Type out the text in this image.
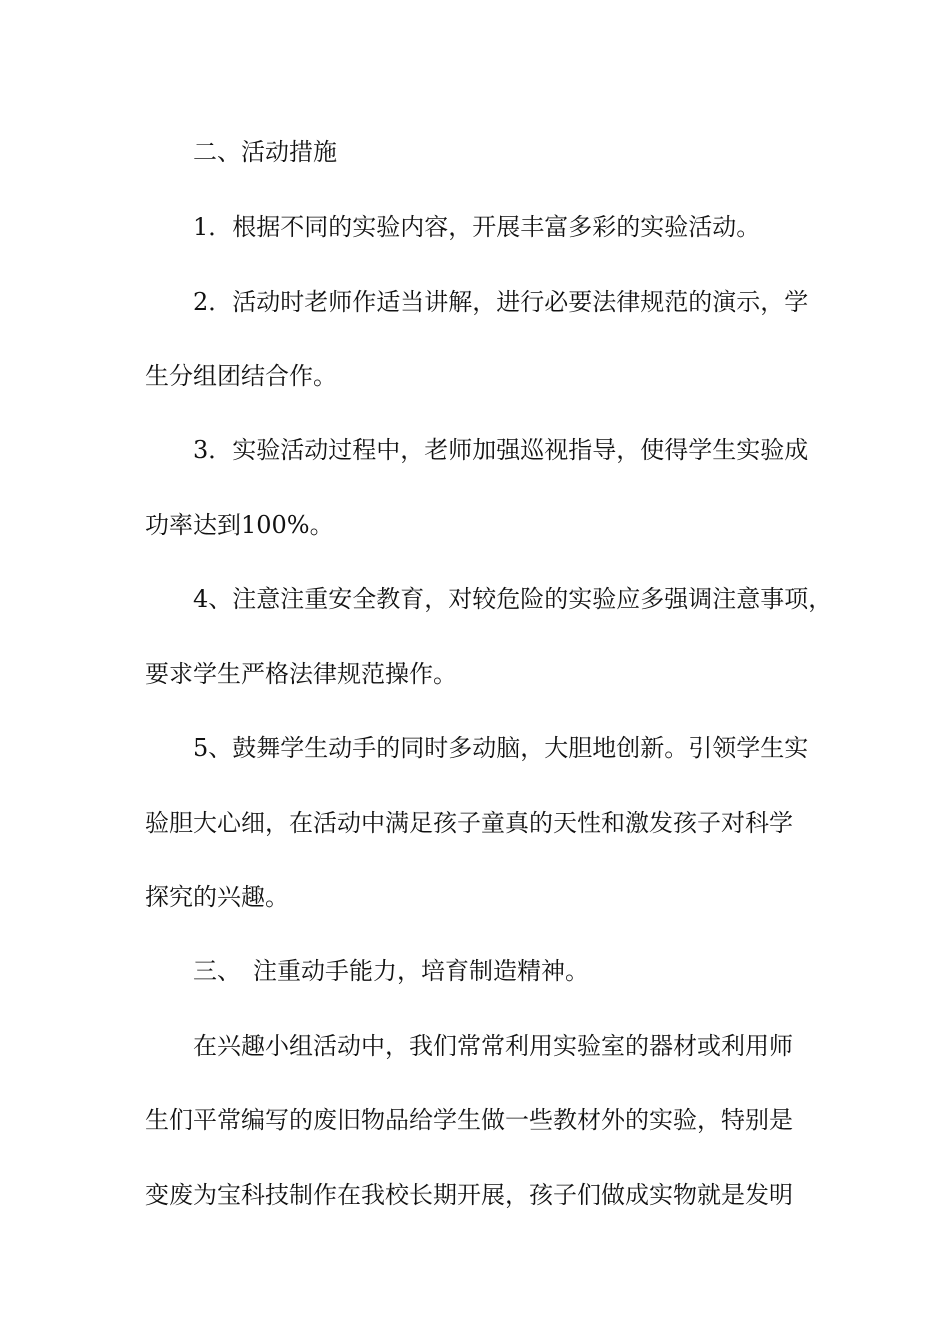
二、活动措施
1．根据不同的实验内容，开展丰富多彩的实验活动。
2．活动时老师作适当讲解，进行必要法律规范的演示，学
生分组团结合作。
3．实验活动过程中，老师加强巡视指导，使得学生实验成
功率达到100%。
4、注意注重安全教育，对较危险的实验应多强调注意事项，
要求学生严格法律规范操作。
5、鼓舞学生动手的同时多动脑，大胆地创新。引领学生实
验胆大心细，在活动中满足孩子童真的天性和激发孩子对科学
探究的兴趣。
三、　注重动手能力，培育制造精神。
在兴趣小组活动中，我们常常利用实验室的器材或利用师
生们平常编写的废旧物品给学生做一些教材外的实验，特别是
变废为宝科技制作在我校长期开展，孩子们做成实物就是发明
